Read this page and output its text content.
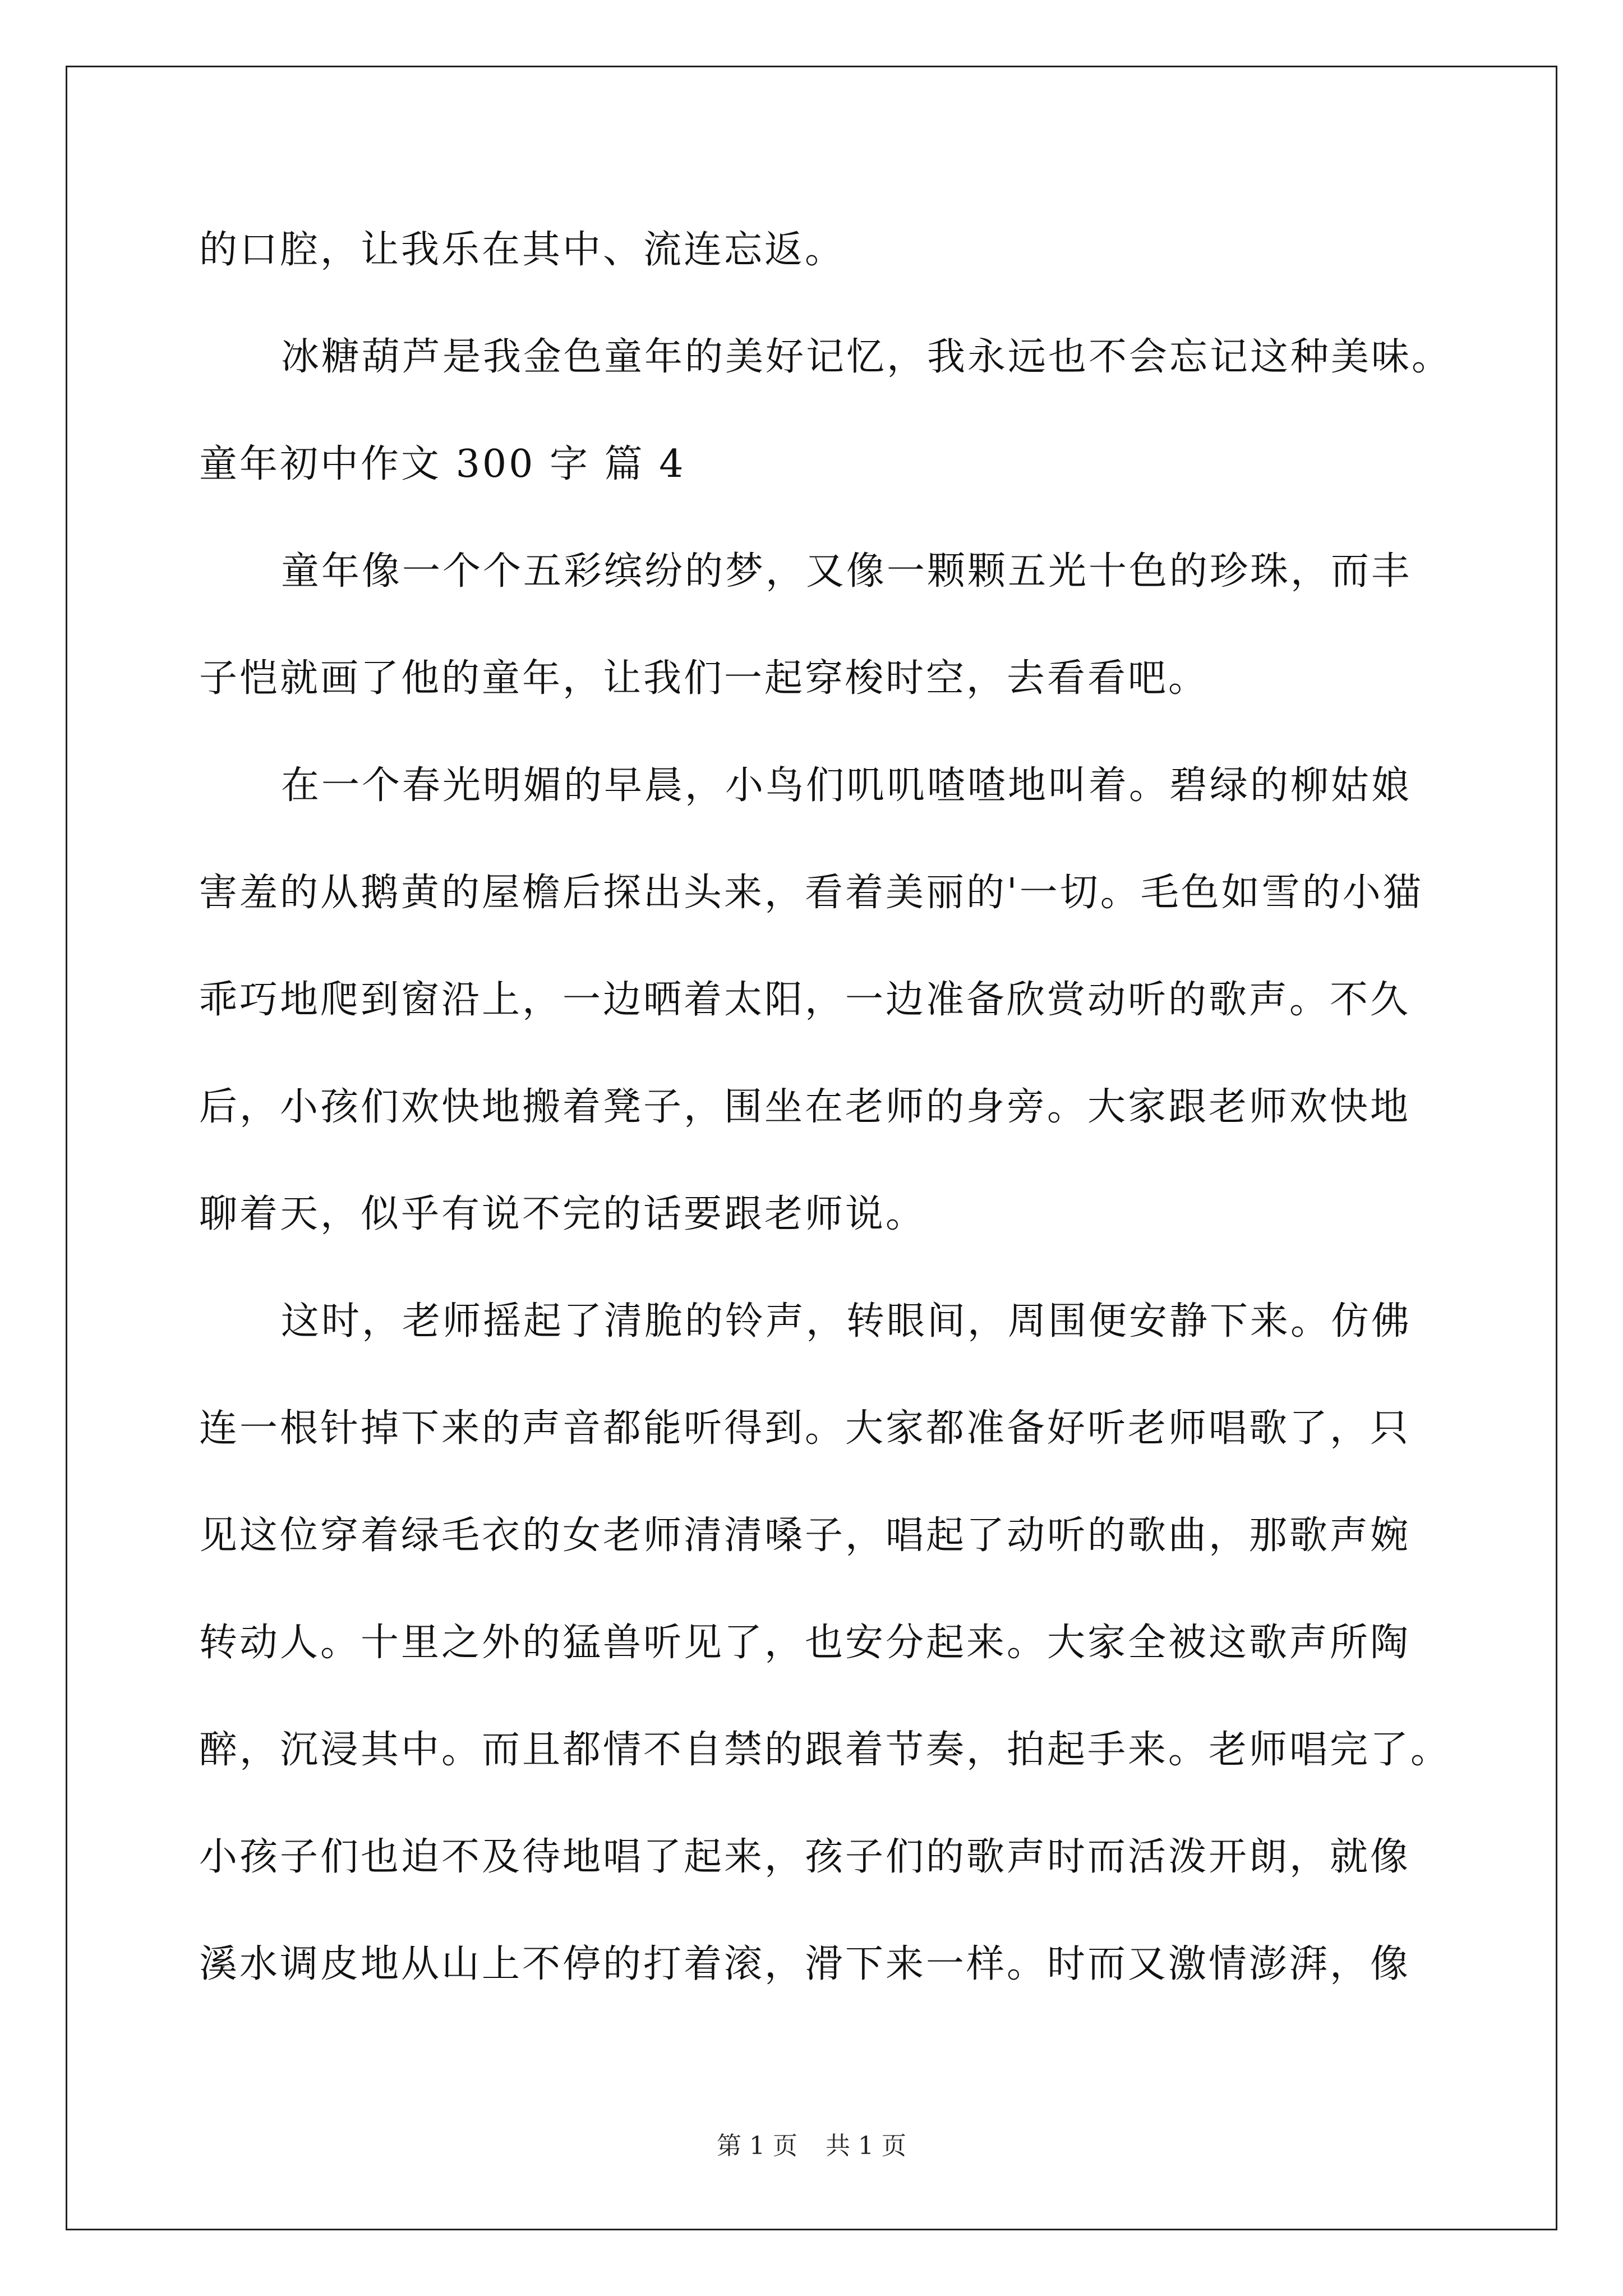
的口腔，让我乐在其中、流连忘返。
冰糖葫芦是我金色童年的美好记忆，我永远也不会忘记这种美味。
童年初中作文 300 字 篇 4
童年像一个个五彩缤纷的梦，又像一颗颗五光十色的珍珠，而丰
子恺就画了他的童年，让我们一起穿梭时空，去看看吧。
在一个春光明媚的早晨，小鸟们叽叽喳喳地叫着。碧绿的柳姑娘
害羞的从鹅黄的屋檐后探出头来，看着美丽的'一切。毛色如雪的小猫
乖巧地爬到窗沿上，一边晒着太阳，一边准备欣赏动听的歌声。不久
后，小孩们欢快地搬着凳子，围坐在老师的身旁。大家跟老师欢快地
聊着天，似乎有说不完的话要跟老师说。
这时，老师摇起了清脆的铃声，转眼间，周围便安静下来。仿佛
连一根针掉下来的声音都能听得到。大家都准备好听老师唱歌了，只
见这位穿着绿毛衣的女老师清清嗓子，唱起了动听的歌曲，那歌声婉
转动人。十里之外的猛兽听见了，也安分起来。大家全被这歌声所陶
醉，沉浸其中。而且都情不自禁的跟着节奏，拍起手来。老师唱完了。
小孩子们也迫不及待地唱了起来，孩子们的歌声时而活泼开朗，就像
溪水调皮地从山上不停的打着滚，滑下来一样。时而又激情澎湃，像
第 1 页 共 1 页
